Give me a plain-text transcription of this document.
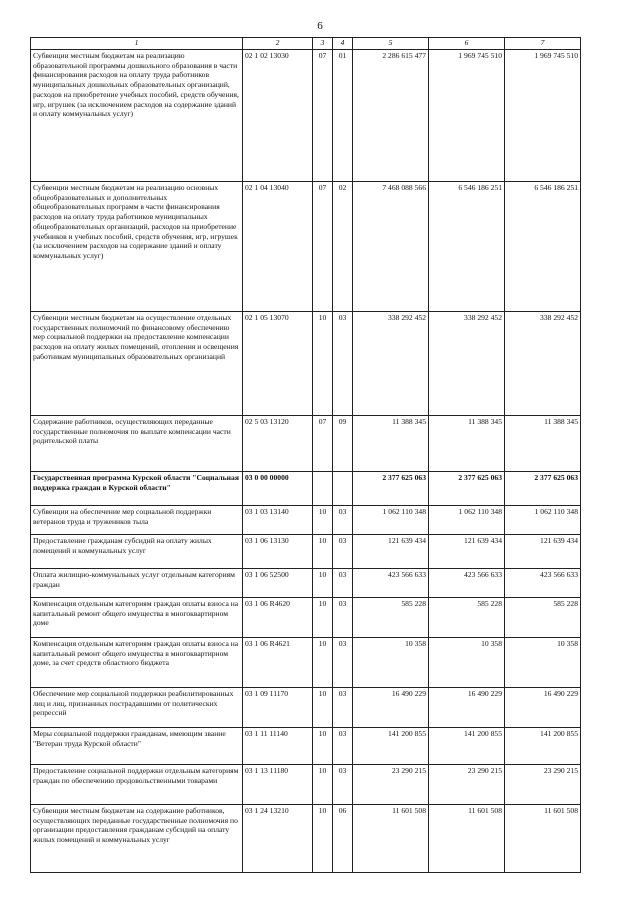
6
1	2	3	4	5	6	7
Субвенции местным бюджетам на реализацию образовательной программы дошкольного образования в части финансирования расходов на оплату труда работников муниципальных дошкольных образовательных организаций, расходов на приобретение учебных пособий, средств обучения, игр, игрушек (за исключением расходов на содержание зданий и оплату коммунальных услуг)	02 1 02 13030	07	01	2 286 615 477	1 969 745 510	1 969 745 510
Субвенции местным бюджетам на реализацию основных общеобразовательных и дополнительных общеобразовательных программ в части финансирования расходов на оплату труда работников муниципальных общеобразовательных организаций, расходов на приобретение учебников и учебных пособий, средств обучения, игр, игрушек (за исключением расходов на содержание зданий и оплату коммунальных услуг)	02 1 04 13040	07	02	7 468 088 566	6 546 186 251	6 546 186 251
Субвенции местным бюджетам на осуществление отдельных государственных полномочий по финансовому обеспечению мер социальной поддержки на предоставление компенсации расходов на оплату жилых помещений, отопления и освещения работникам муниципальных образовательных организаций	02 1 05 13070	10	03	338 292 452	338 292 452	338 292 452
Содержание работников, осуществляющих переданные государственные полномочия по выплате компенсации части родительской платы	02 5 03 13120	07	09	11 388 345	11 388 345	11 388 345
Государственная программа Курской области "Социальная поддержка граждан в Курской области"	03 0 00 00000			2 377 625 063	2 377 625 063	2 377 625 063
Субвенции на обеспечение мер социальной поддержки ветеранов труда и тружеников тыла	03 1 03 13140	10	03	1 062 110 348	1 062 110 348	1 062 110 348
Предоставление гражданам субсидий на оплату жилых помещений и коммунальных услуг	03 1 06 13130	10	03	121 639 434	121 639 434	121 639 434
Оплата жилищно-коммунальных услуг отдельным категориям граждан	03 1 06 52500	10	03	423 566 633	423 566 633	423 566 633
Компенсация отдельным категориям граждан оплаты взноса на капитальный ремонт общего имущества в многоквартирном доме	03 1 06 R4620	10	03	585 228	585 228	585 228
Компенсация отдельным категориям граждан оплаты взноса на капитальный ремонт общего имущества в многоквартирном доме, за счет средств областного бюджета	03 1 06 R4621	10	03	10 358	10 358	10 358
Обеспечение мер социальной поддержки реабилитированных лиц и лиц, признанных пострадавшими от политических репрессий	03 1 09 11170	10	03	16 490 229	16 490 229	16 490 229
Меры социальной поддержки гражданам, имеющим звание "Ветеран труда Курской области"	03 1 11 11140	10	03	141 200 855	141 200 855	141 200 855
Предоставление социальной поддержки отдельным категориям граждан по обеспечению продовольственными товарами	03 1 13 11180	10	03	23 290 215	23 290 215	23 290 215
Субвенции местным бюджетам на содержание работников, осуществляющих переданные государственные полномочия по организации предоставления гражданам субсидий на оплату жилых помещений и коммунальных услуг	03 1 24 13210	10	06	11 601 508	11 601 508	11 601 508
